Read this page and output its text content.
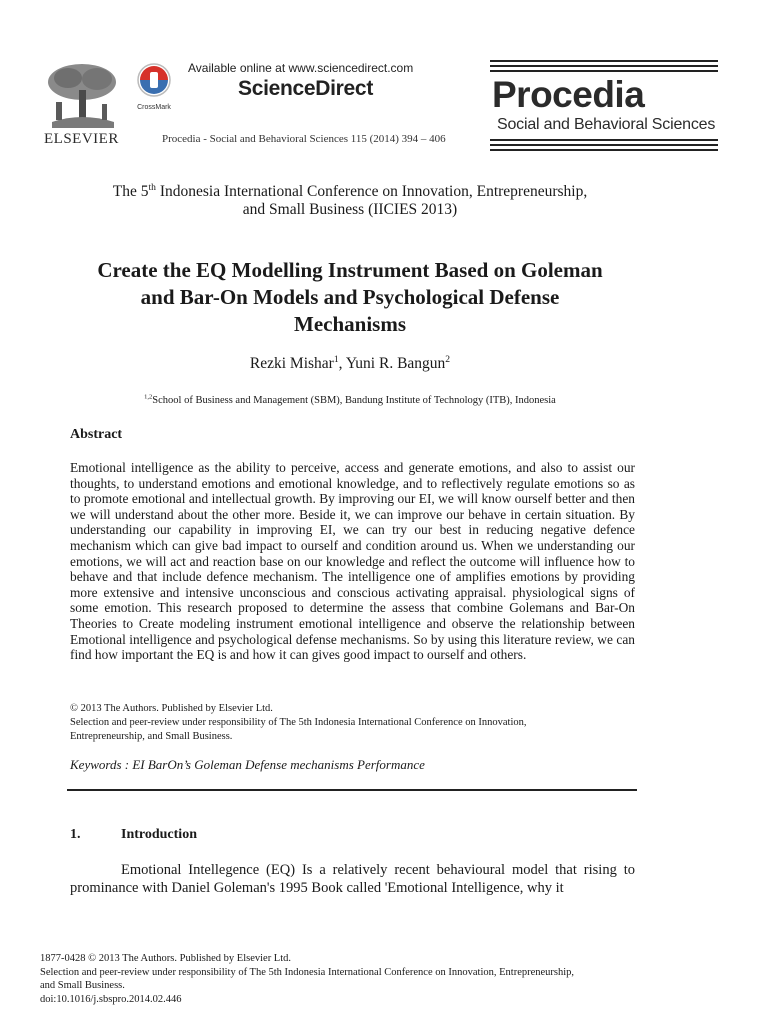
ELSEVIER
CrossMark
Available online at www.sciencedirect.com
ScienceDirect
Procedia - Social and Behavioral Sciences 115 (2014) 394 – 406
Procedia
Social and Behavioral Sciences
The 5th Indonesia International Conference on Innovation, Entrepreneurship,
and Small Business (IICIES 2013)
Create the EQ Modelling Instrument Based on Goleman and Bar-On Models and Psychological Defense Mechanisms
Rezki Mishar$^1$, Yuni R. Bangun$^2$
$^{1,2}$School of Business and Management (SBM), Bandung Institute of Technology (ITB), Indonesia
Abstract
Emotional intelligence as the ability to perceive, access and generate emotions, and also to assist our thoughts, to understand emotions and emotional knowledge, and to reflectively regulate emotions so as to promote emotional and intellectual growth. By improving our EI, we will know ourself better and then we will understand about the other more. Beside it, we can improve our behave in certain situation. By understanding our capability in improving EI, we can try our best in reducing negative defence mechanism which can give bad impact to ourself and condition around us. When we understanding our emotions, we will act and reaction base on our knowledge and reflect the outcome will influence how to behave and that include defence mechanism. The intelligence one of amplifies emotions by providing more extensive and intensive unconscious and conscious activating appraisal. physiological signs of some emotion. This research proposed to determine the assess that combine Golemans and Bar-On Theories to Create modeling instrument emotional intelligence and observe the relationship between Emotional intelligence and psychological defense mechanisms. So by using this literature review, we can find how important the EQ is and how it can gives good impact to ourself and others.
© 2013 The Authors. Published by Elsevier Ltd.
Selection and peer-review under responsibility of The 5th Indonesia International Conference on Innovation,
Entrepreneurship, and Small Business.
Keywords : EI BarOn’s Goleman Defense mechanisms Performance
1.	Introduction
Emotional Intellegence (EQ) Is a relatively recent behavioural model that rising to prominance with Daniel Goleman's 1995 Book called 'Emotional Intelligence, why it
1877-0428 © 2013 The Authors. Published by Elsevier Ltd.
Selection and peer-review under responsibility of The 5th Indonesia International Conference on Innovation, Entrepreneurship,
and Small Business.
doi:10.1016/j.sbspro.2014.02.446
